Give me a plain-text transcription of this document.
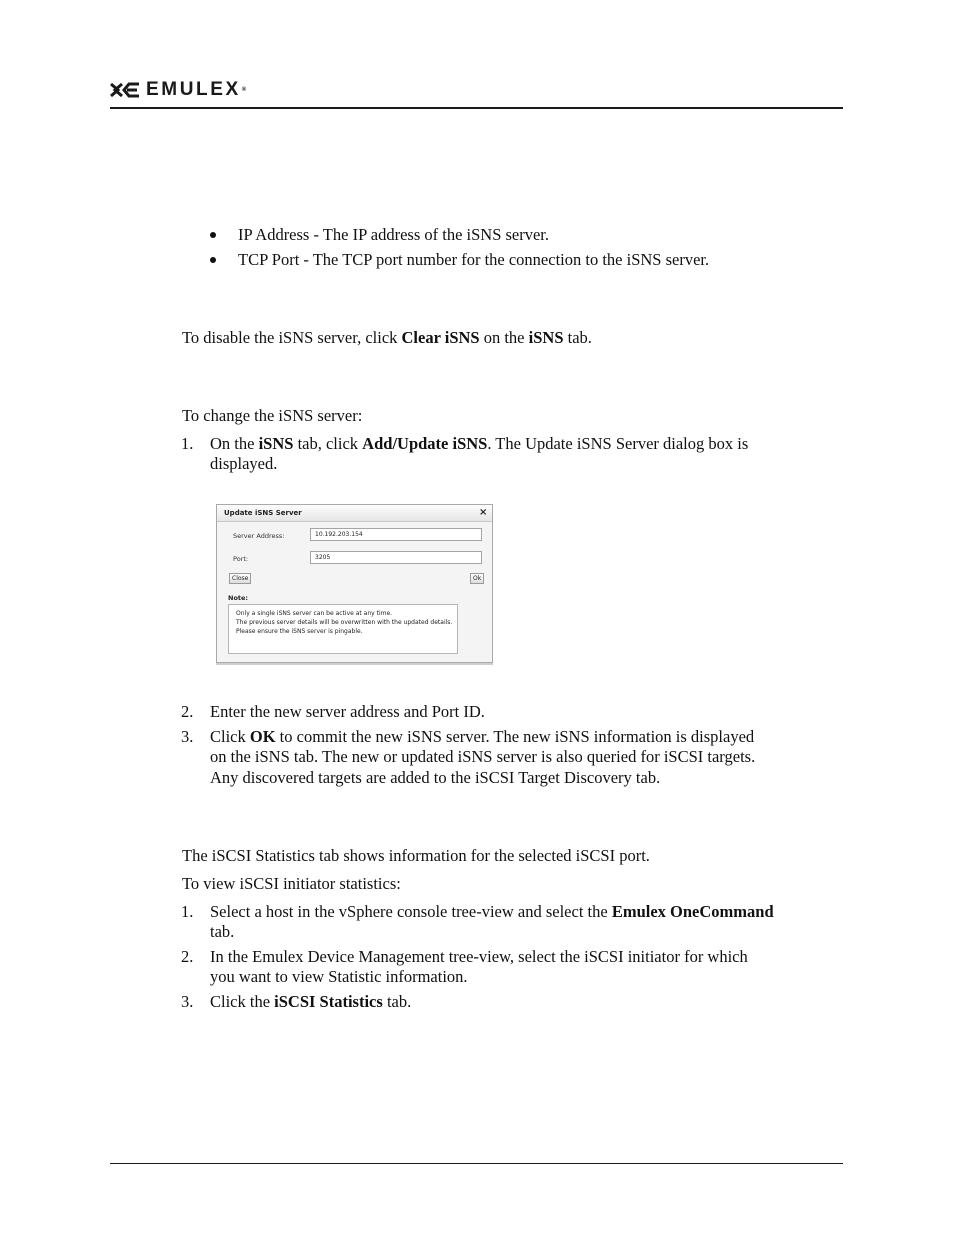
EMULEX®
IP Address - The IP address of the iSNS server.
TCP Port - The TCP port number for the connection to the iSNS server.
To disable the iSNS server, click Clear iSNS on the iSNS tab.
To change the iSNS server:
1. On the iSNS tab, click Add/Update iSNS. The Update iSNS Server dialog box is
displayed.
Update iSNS Server	×
Server Address:	10.192.203.154
Port:	3205
Close	Ok
Note:
Only a single iSNS server can be active at any time.
The previous server details will be overwritten with the updated details.
Please ensure the iSNS server is pingable.
2. Enter the new server address and Port ID.
3. Click OK to commit the new iSNS server. The new iSNS information is displayed
on the iSNS tab. The new or updated iSNS server is also queried for iSCSI targets.
Any discovered targets are added to the iSCSI Target Discovery tab.
The iSCSI Statistics tab shows information for the selected iSCSI port.
To view iSCSI initiator statistics:
1. Select a host in the vSphere console tree-view and select the Emulex OneCommand
tab.
2. In the Emulex Device Management tree-view, select the iSCSI initiator for which
you want to view Statistic information.
3. Click the iSCSI Statistics tab.
